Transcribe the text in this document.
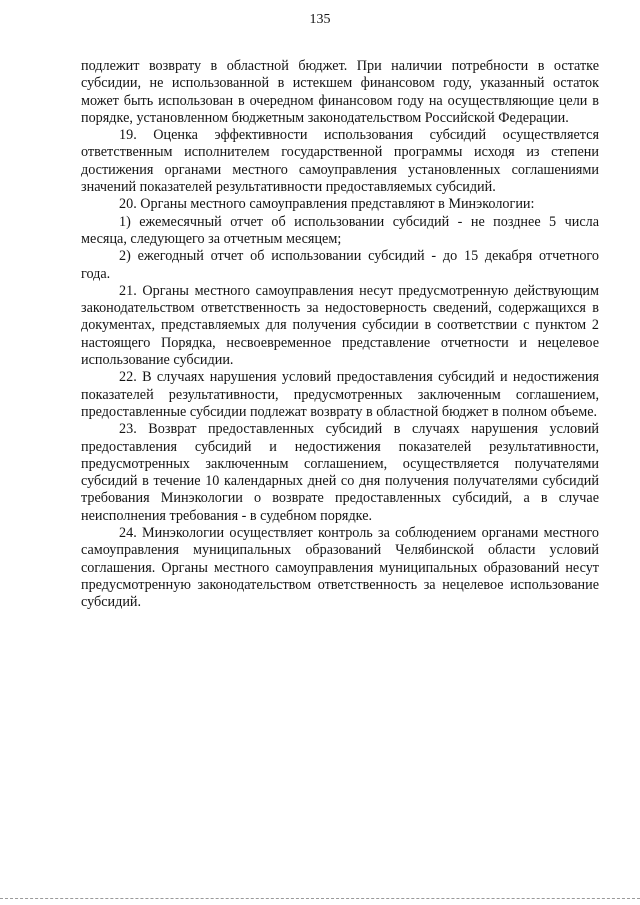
135

подлежит возврату в областной бюджет. При наличии потребности в остатке субсидии, не использованной в истекшем финансовом году, указанный остаток может быть использован в очередном финансовом году на осуществляющие цели в порядке, установленном бюджетным законодательством Российской Федерации.

19. Оценка эффективности использования субсидий осуществляется ответственным исполнителем государственной программы исходя из степени достижения органами местного самоуправления установленных соглашениями значений показателей результативности предоставляемых субсидий.

20. Органы местного самоуправления представляют в Минэкологии:

1) ежемесячный отчет об использовании субсидий - не позднее 5 числа месяца, следующего за отчетным месяцем;

2) ежегодный отчет об использовании субсидий - до 15 декабря отчетного года.

21. Органы местного самоуправления несут предусмотренную действующим законодательством ответственность за недостоверность сведений, содержащихся в документах, представляемых для получения субсидии в соответствии с пунктом 2 настоящего Порядка, несвоевременное представление отчетности и нецелевое использование субсидии.

22. В случаях нарушения условий предоставления субсидий и недостижения показателей результативности, предусмотренных заключенным соглашением, предоставленные субсидии подлежат возврату в областной бюджет в полном объеме.

23. Возврат предоставленных субсидий в случаях нарушения условий предоставления субсидий и недостижения показателей результативности, предусмотренных заключенным соглашением, осуществляется получателями субсидий в течение 10 календарных дней со дня получения получателями субсидий требования Минэкологии о возврате предоставленных субсидий, а в случае неисполнения требования - в судебном порядке.

24. Минэкологии осуществляет контроль за соблюдением органами местного самоуправления муниципальных образований Челябинской области условий соглашения. Органы местного самоуправления муниципальных образований несут предусмотренную законодательством ответственность за нецелевое использование субсидий.
